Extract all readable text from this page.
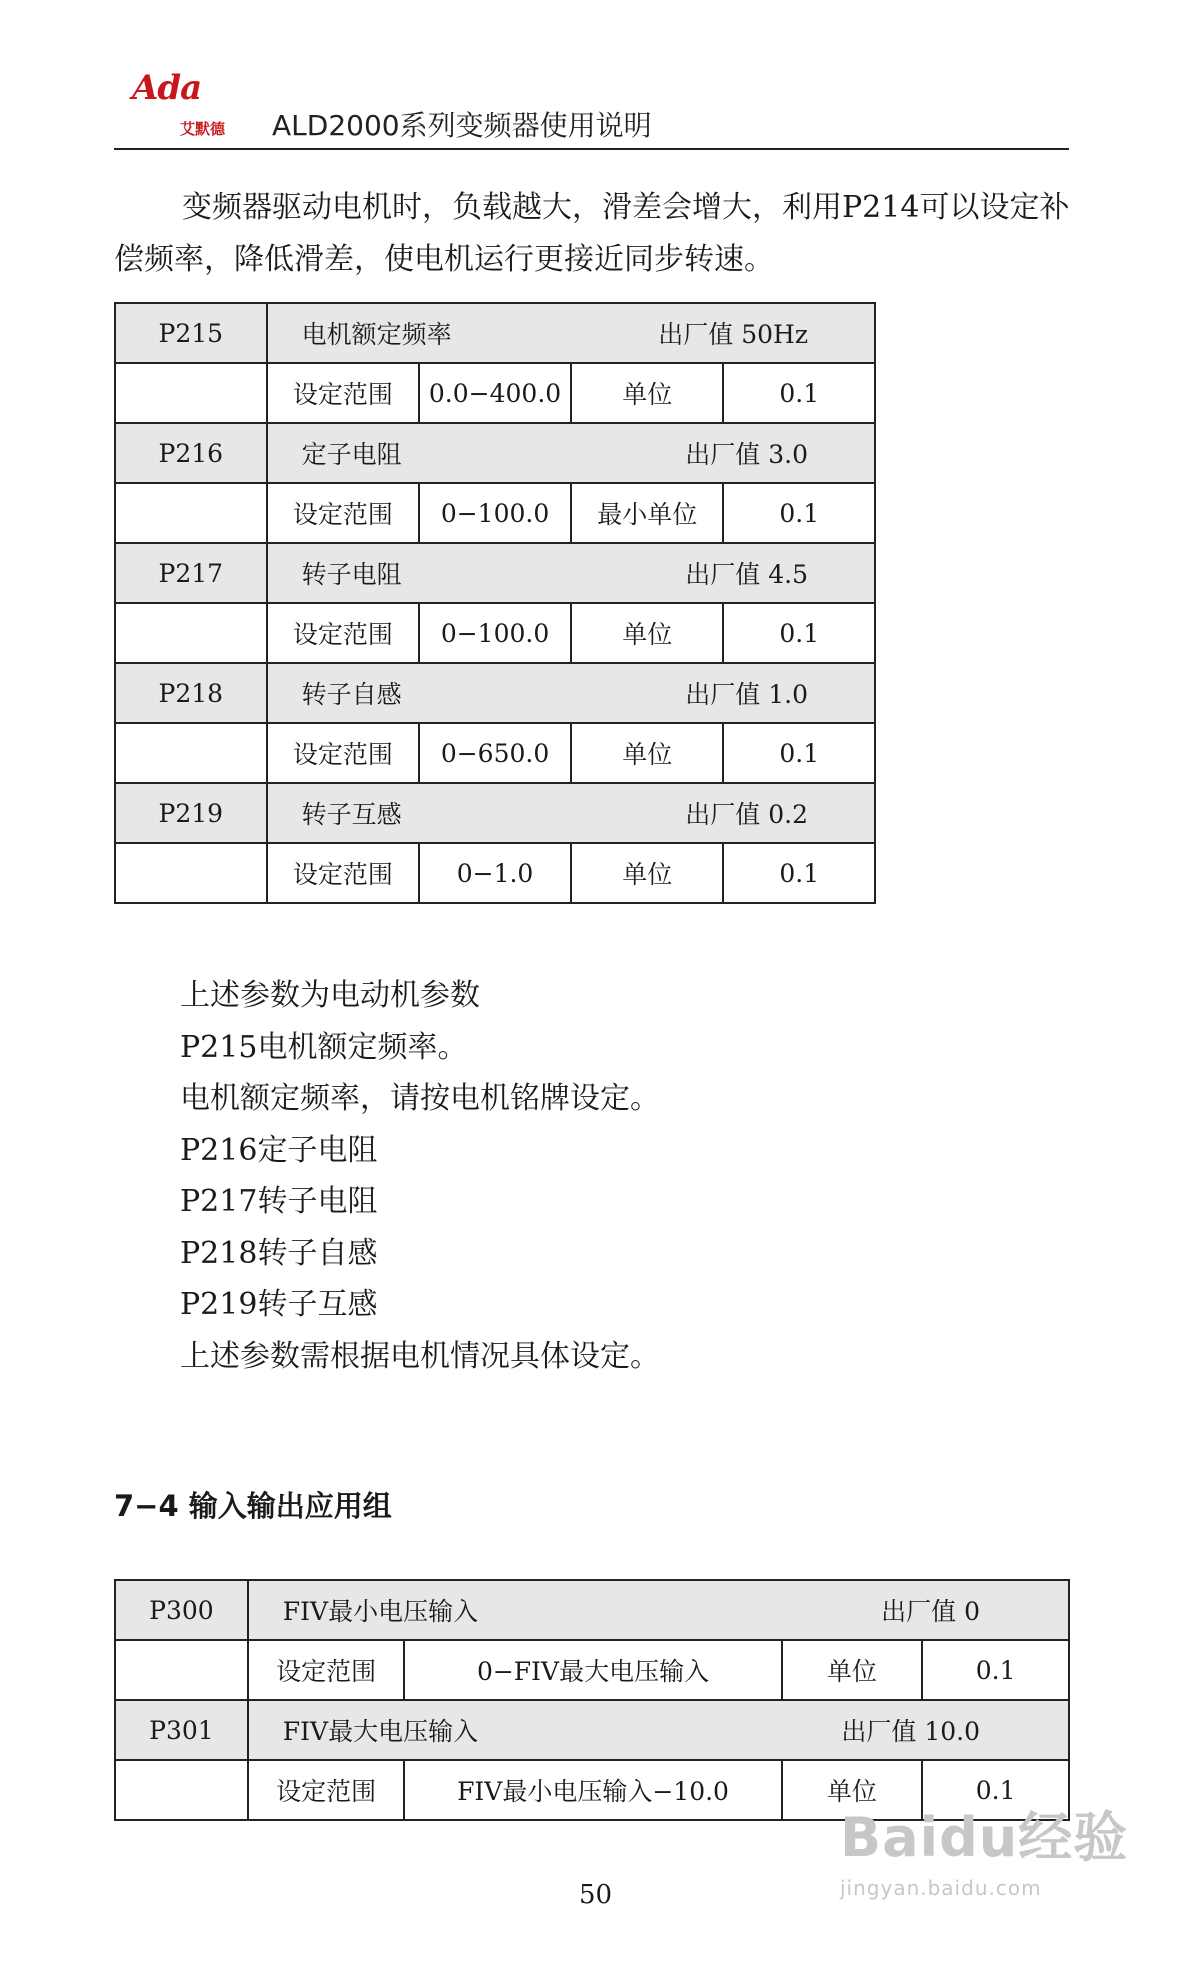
Ada
艾默德 ALD2000系列变频器使用说明
变频器驱动电机时，负载越大，滑差会增大，利用P214可以设定补偿频率，降低滑差，使电机运行更接近同步转速。
P215	电机额定频率 出厂值 50Hz			

	设定范围	0.0−400.0	单位	0.1
P216	定子电阻 出厂值 3.0			

	设定范围	0−100.0	最小单位	0.1
P217	转子电阻 出厂值 4.5			

	设定范围	0−100.0	单位	0.1
P218	转子自感 出厂值 1.0			

	设定范围	0−650.0	单位	0.1
P219	转子互感 出厂值 0.2			

	设定范围	0−1.0	单位	0.1
上述参数为电动机参数
P215电机额定频率。
电机额定频率，请按电机铭牌设定。
P216定子电阻
P217转子电阻
P218转子自感
P219转子互感
上述参数需根据电机情况具体设定。
7−4 输入输出应用组
P300	FIV最小电压输入 出厂值 0			

	设定范围	0−FIV最大电压输入	单位	0.1
P301	FIV最大电压输入 出厂值 10.0			

	设定范围	FIV最小电压输入−10.0	单位	0.1
50
Baidu经验
jingyan.baidu.com
